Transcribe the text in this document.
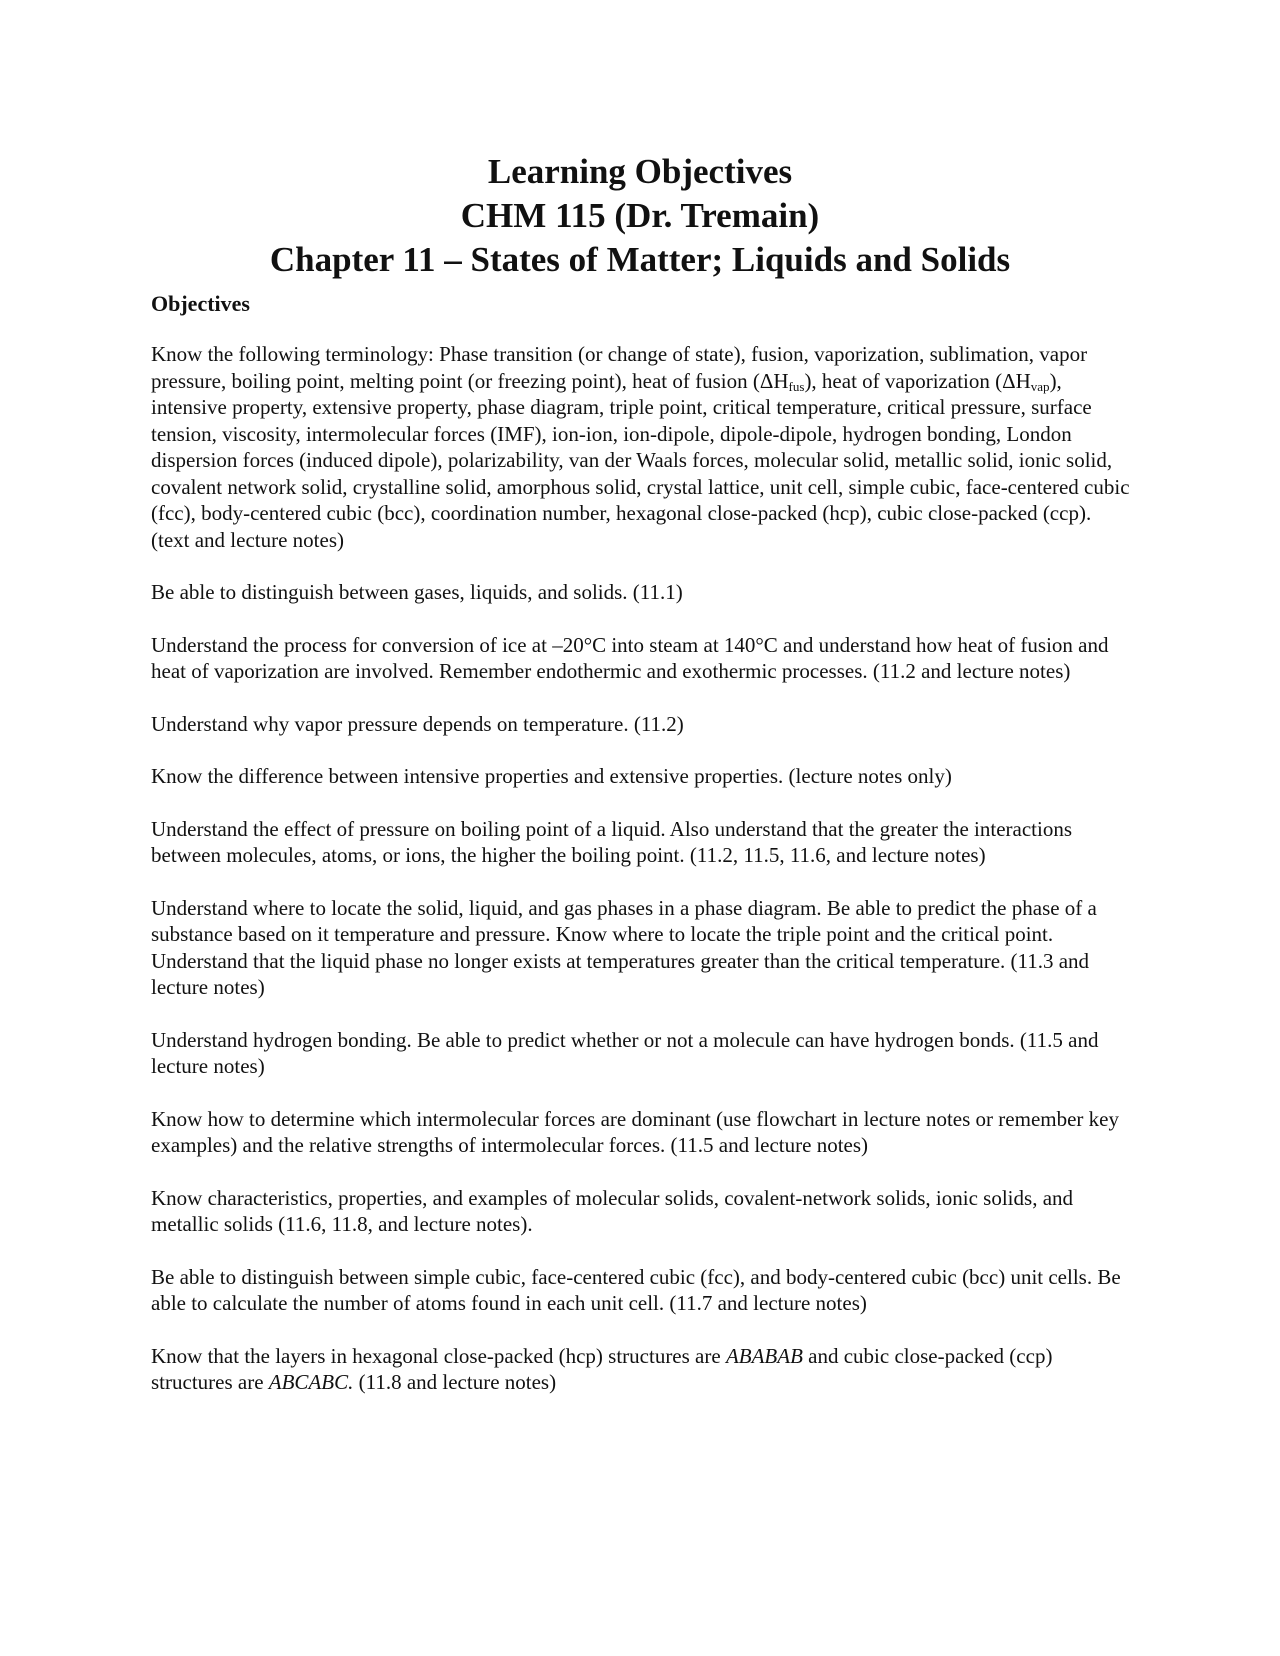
Learning Objectives

CHM 115 (Dr. Tremain)

Chapter 11 – States of Matter; Liquids and Solids

Objectives

Know the following terminology: Phase transition (or change of state), fusion, vaporization, sublimation, vapor pressure, boiling point, melting point (or freezing point), heat of fusion $(\Delta H_{fus})$, heat of vaporization $(\Delta H_{vap})$, intensive property, extensive property, phase diagram, triple point, critical temperature, critical pressure, surface tension, viscosity, intermolecular forces (IMF), ion-ion, ion-dipole, dipole-dipole, hydrogen bonding, London dispersion forces (induced dipole), polarizability, van der Waals forces, molecular solid, metallic solid, ionic solid, covalent network solid, crystalline solid, amorphous solid, crystal lattice, unit cell, simple cubic, face-centered cubic (fcc), body-centered cubic (bcc), coordination number, hexagonal close-packed (hcp), cubic close-packed (ccp). (text and lecture notes)

Be able to distinguish between gases, liquids, and solids. (11.1)

Understand the process for conversion of ice at –20°C into steam at 140°C and understand how heat of fusion and heat of vaporization are involved. Remember endothermic and exothermic processes. (11.2 and lecture notes)

Understand why vapor pressure depends on temperature. (11.2)

Know the difference between intensive properties and extensive properties. (lecture notes only)

Understand the effect of pressure on boiling point of a liquid. Also understand that the greater the interactions between molecules, atoms, or ions, the higher the boiling point. (11.2, 11.5, 11.6, and lecture notes)

Understand where to locate the solid, liquid, and gas phases in a phase diagram. Be able to predict the phase of a substance based on it temperature and pressure. Know where to locate the triple point and the critical point. Understand that the liquid phase no longer exists at temperatures greater than the critical temperature. (11.3 and lecture notes)

Understand hydrogen bonding. Be able to predict whether or not a molecule can have hydrogen bonds. (11.5 and lecture notes)

Know how to determine which intermolecular forces are dominant (use flowchart in lecture notes or remember key examples) and the relative strengths of intermolecular forces. (11.5 and lecture notes)

Know characteristics, properties, and examples of molecular solids, covalent-network solids, ionic solids, and metallic solids (11.6, 11.8, and lecture notes).

Be able to distinguish between simple cubic, face-centered cubic (fcc), and body-centered cubic (bcc) unit cells. Be able to calculate the number of atoms found in each unit cell. (11.7 and lecture notes)

Know that the layers in hexagonal close-packed (hcp) structures are ABABAB and cubic close-packed (ccp) structures are ABCABC. (11.8 and lecture notes)
